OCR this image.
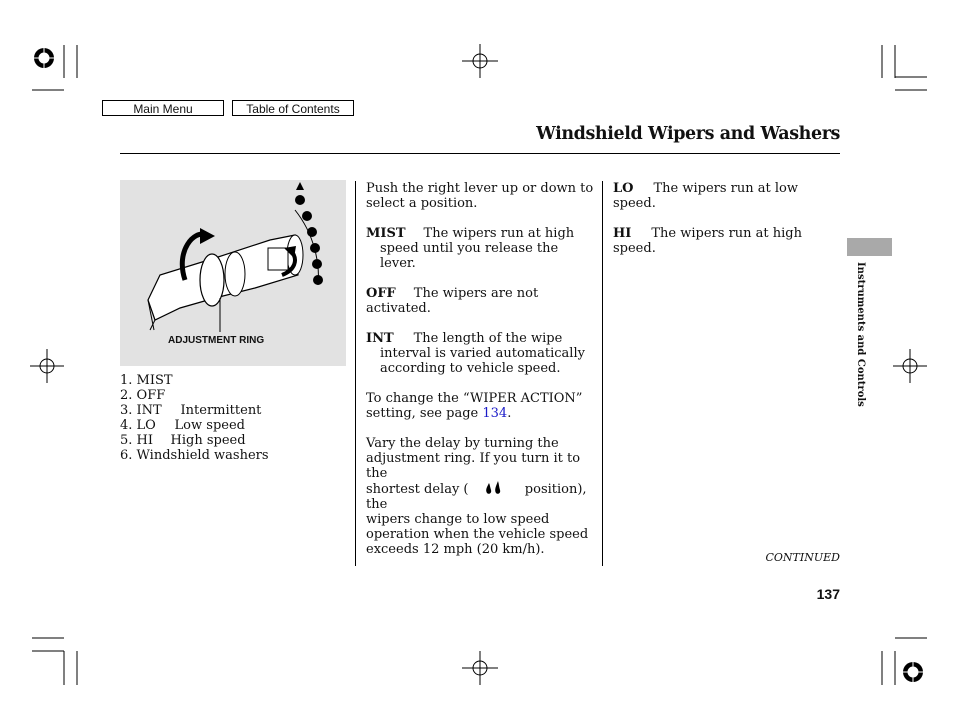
Main Menu	Table of Contents
Windshield Wipers and Washers
ADJUSTMENT RING
1. MIST
2. OFF
3. INT Intermittent
4. LO Low speed
5. HI High speed
6. Windshield washers

Push the right lever up or down to select a position.

MIST The wipers run at high speed until you release the lever.

OFF The wipers are not activated.

INT The length of the wipe interval is varied automatically according to vehicle speed.

To change the “WIPER ACTION” setting, see page 134.

Vary the delay by turning the
adjustment ring. If you turn it to the
shortest delay (	position), the
wipers change to low speed
operation when the vehicle speed
exceeds 12 mph (20 km/h).

LO The wipers run at low speed.

HI The wipers run at high speed.

Instruments and Controls
CONTINUED
137
